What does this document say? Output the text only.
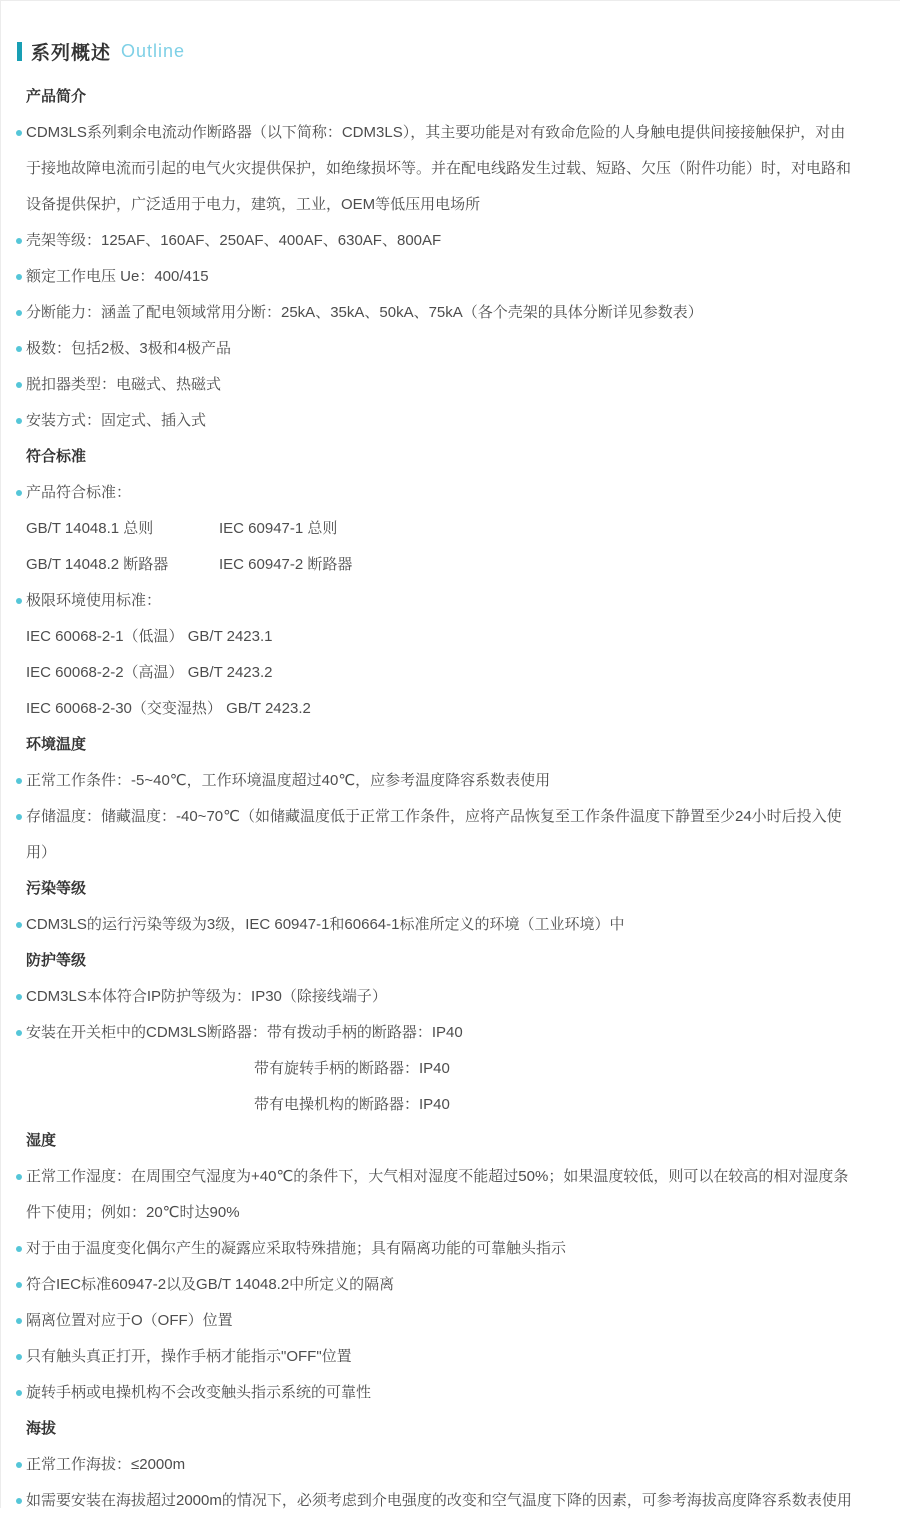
系列概述 Outline
产品简介
CDM3LS系列剩余电流动作断路器（以下简称：CDM3LS），其主要功能是对有致命危险的人身触电提供间接接触保护，对由于接地故障电流而引起的电气火灾提供保护，如绝缘损坏等。并在配电线路发生过载、短路、欠压（附件功能）时，对电路和设备提供保护，广泛适用于电力，建筑，工业，OEM等低压用电场所
壳架等级：125AF、160AF、250AF、400AF、630AF、800AF
额定工作电压 Ue：400/415
分断能力：涵盖了配电领域常用分断：25kA、35kA、50kA、75kA（各个壳架的具体分断详见参数表）
极数：包括2极、3极和4极产品
脱扣器类型：电磁式、热磁式
安装方式：固定式、插入式
符合标准
产品符合标准：
GB/T 14048.1 总则	IEC 60947-1 总则
GB/T 14048.2 断路器	IEC 60947-2 断路器
极限环境使用标准：
IEC 60068-2-1（低温） GB/T 2423.1
IEC 60068-2-2（高温） GB/T 2423.2
IEC 60068-2-30（交变湿热） GB/T 2423.2
环境温度
正常工作条件：-5~40℃，工作环境温度超过40℃，应参考温度降容系数表使用
存储温度：储藏温度：-40~70℃（如储藏温度低于正常工作条件，应将产品恢复至工作条件温度下静置至少24小时后投入使用）
污染等级
CDM3LS的运行污染等级为3级，IEC 60947-1和60664-1标准所定义的环境（工业环境）中
防护等级
CDM3LS本体符合IP防护等级为：IP30（除接线端子）
安装在开关柜中的CDM3LS断路器：带有拨动手柄的断路器：IP40
带有旋转手柄的断路器：IP40
带有电操机构的断路器：IP40
湿度
正常工作湿度：在周围空气湿度为+40℃的条件下，大气相对湿度不能超过50%；如果温度较低，则可以在较高的相对湿度条件下使用；例如：20℃时达90%
对于由于温度变化偶尔产生的凝露应采取特殊措施；具有隔离功能的可靠触头指示
符合IEC标准60947-2以及GB/T 14048.2中所定义的隔离
隔离位置对应于O（OFF）位置
只有触头真正打开，操作手柄才能指示"OFF"位置
旋转手柄或电操机构不会改变触头指示系统的可靠性
海拔
正常工作海拔：≤2000m
如需要安装在海拔超过2000m的情况下，必须考虑到介电强度的改变和空气温度下降的因素，可参考海拔高度降容系数表使用
